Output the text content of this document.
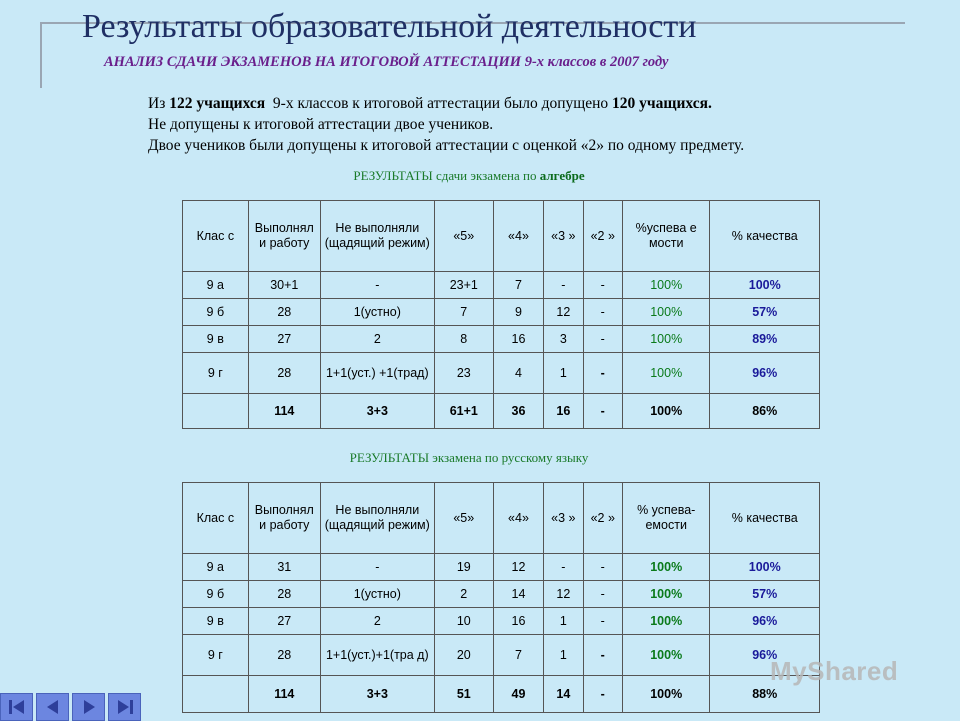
Результаты образовательной деятельности
АНАЛИЗ СДАЧИ ЭКЗАМЕНОВ НА ИТОГОВОЙ АТТЕСТАЦИИ 9-х классов в 2007 году
Из 122 учащихся  9-х классов к итоговой аттестации было допущено 120 учащихся.
Не допущены к итоговой аттестации двое учеников.
Двое учеников были допущены к итоговой аттестации с оценкой «2» по одному предмету.
РЕЗУЛЬТАТЫ сдачи экзамена по алгебре
Клас с	Выполнял и работу	Не выполняли (щадящий режим)	«5»	«4»	«3 »	«2 »	%успева е мости	% качества
9 а	30+1	-	23+1	7	-	-	100%	100%
9 б	28	1(устно)	7	9	12	-	100%	57%
9 в	27	2	8	16	3	-	100%	89%
9 г	28	1+1(уст.) +1(трад)	23	4	1	-	100%	96%
	114	3+3	61+1	36	16	-	100%	86%
РЕЗУЛЬТАТЫ экзамена по русскому языку
Клас с	Выполнял и работу	Не выполняли (щадящий режим)	«5»	«4»	«3 »	«2 »	% успева- емости	% качества
9 а	31	-	19	12	-	-	100%	100%
9 б	28	1(устно)	2	14	12	-	100%	57%
9 в	27	2	10	16	1	-	100%	96%
9 г	28	1+1(уст.)+1(тра д)	20	7	1	-	100%	96%
	114	3+3	51	49	14	-	100%	88%
MyShared
